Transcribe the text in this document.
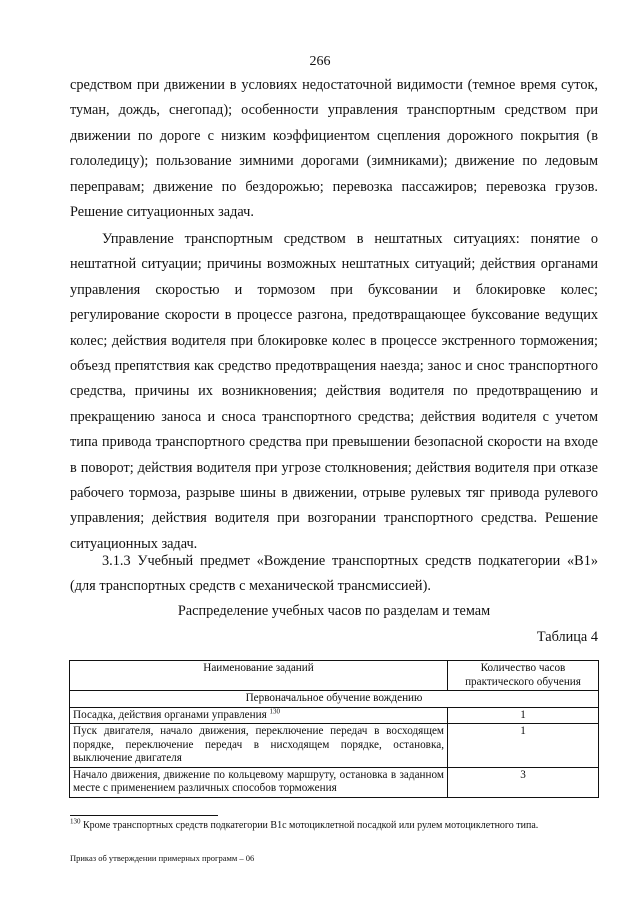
266

средством при движении в условиях недостаточной видимости (темное время суток, туман, дождь, снегопад); особенности управления транспортным средством при движении по дороге с низким коэффициентом сцепления дорожного покрытия (в гололедицу); пользование зимними дорогами (зимниками); движение по ледовым переправам; движение по бездорожью; перевозка пассажиров; перевозка грузов. Решение ситуационных задач.

Управление транспортным средством в нештатных ситуациях: понятие о нештатной ситуации; причины возможных нештатных ситуаций; действия органами управления скоростью и тормозом при буксовании и блокировке колес; регулирование скорости в процессе разгона, предотвращающее буксование ведущих колес; действия водителя при блокировке колес в процессе экстренного торможения; объезд препятствия как средство предотвращения наезда; занос и снос транспортного средства, причины их возникновения; действия водителя по предотвращению и прекращению заноса и сноса транспортного средства; действия водителя с учетом типа привода транспортного средства при превышении безопасной скорости на входе в поворот; действия водителя при угрозе столкновения; действия водителя при отказе рабочего тормоза, разрыве шины в движении, отрыве рулевых тяг привода рулевого управления; действия водителя при возгорании транспортного средства. Решение ситуационных задач.

3.1.3 Учебный предмет «Вождение транспортных средств подкатегории «В1» (для транспортных средств с механической трансмиссией).

Распределение учебных часов по разделам и темам
Таблица 4
Наименование заданий	Количество часов практического обучения
Первоначальное обучение вождению	
Посадка, действия органами управления $^{130}$	1
Пуск двигателя, начало движения, переключение передач в восходящем порядке, переключение передач в нисходящем порядке, остановка, выключение двигателя	1
Начало движения, движение по кольцевому маршруту, остановка в заданном месте с применением различных способов торможения	3
$^{130}$ Кроме транспортных средств подкатегории В1с мотоциклетной посадкой или рулем мотоциклетного типа.
Приказ об утверждении примерных программ – 06
